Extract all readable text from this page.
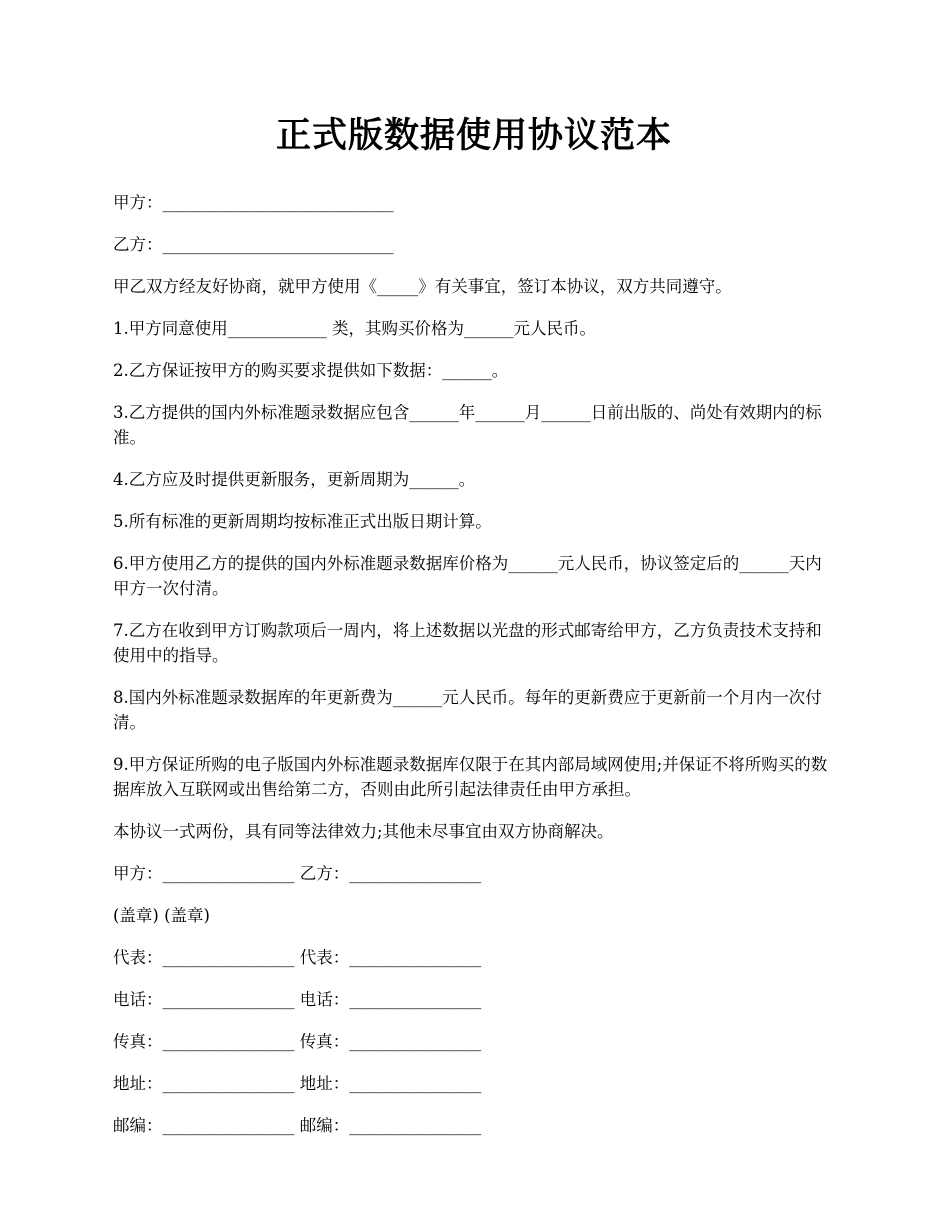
正式版数据使用协议范本

甲方：____________________________

乙方：____________________________

甲乙双方经友好协商，就甲方使用《_____》有关事宜，签订本协议，双方共同遵守。

1.甲方同意使用____________ 类，其购买价格为______元人民币。

2.乙方保证按甲方的购买要求提供如下数据：______。

3.乙方提供的国内外标准题录数据应包含______年______月______日前出版的、尚处有效期内的标准。

4.乙方应及时提供更新服务，更新周期为______。

5.所有标准的更新周期均按标准正式出版日期计算。

6.甲方使用乙方的提供的国内外标准题录数据库价格为______元人民币，协议签定后的______天内甲方一次付清。

7.乙方在收到甲方订购款项后一周内，将上述数据以光盘的形式邮寄给甲方，乙方负责技术支持和使用中的指导。

8.国内外标准题录数据库的年更新费为______元人民币。每年的更新费应于更新前一个月内一次付清。

9.甲方保证所购的电子版国内外标准题录数据库仅限于在其内部局域网使用;并保证不将所购买的数据库放入互联网或出售给第二方，否则由此所引起法律责任由甲方承担。

本协议一式两份，具有同等法律效力;其他未尽事宜由双方协商解决。

甲方：________________ 乙方：________________

(盖章) (盖章)

代表：________________ 代表：________________

电话：________________ 电话：________________

传真：________________ 传真：________________

地址：________________ 地址：________________

邮编：________________ 邮编：________________
